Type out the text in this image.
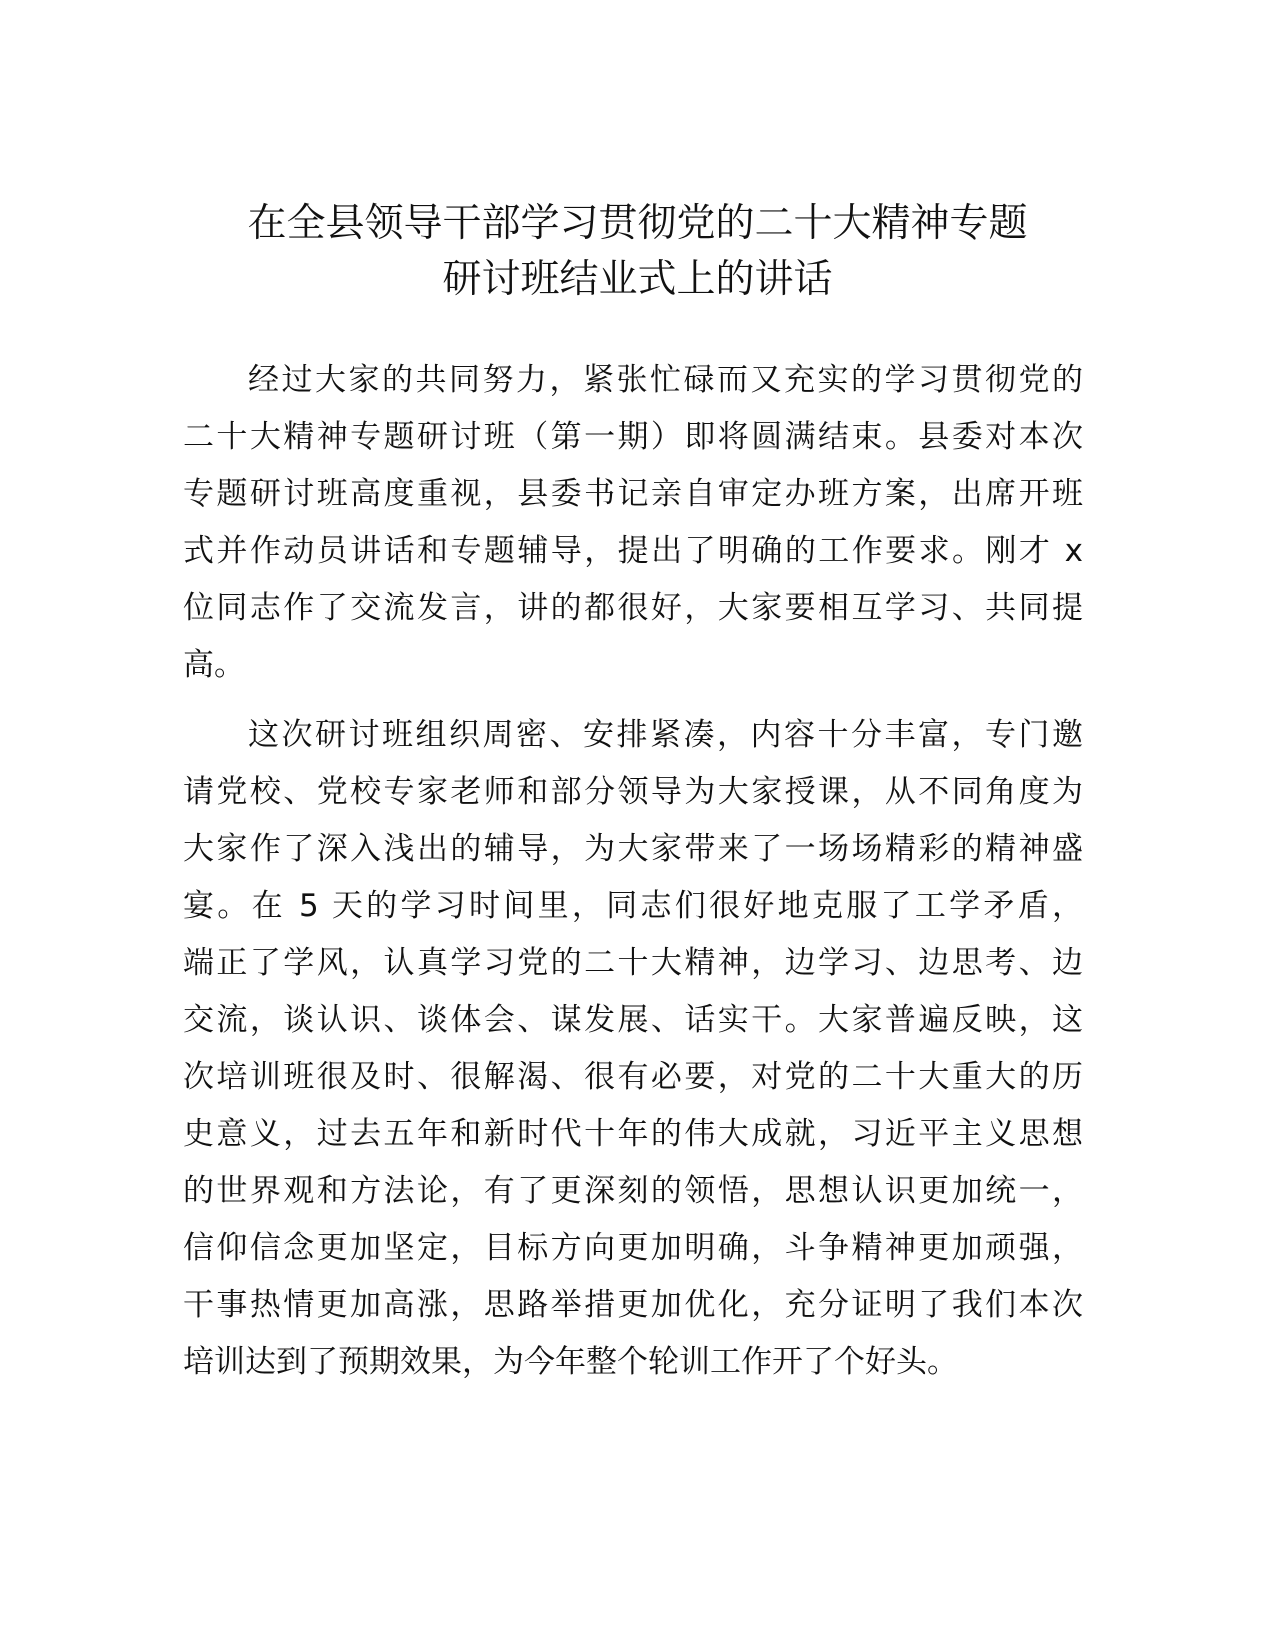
在全县领导干部学习贯彻党的二十大精神专题
研讨班结业式上的讲话
经过大家的共同努力，紧张忙碌而又充实的学习贯彻党的
二十大精神专题研讨班（第一期）即将圆满结束。县委对本次
专题研讨班高度重视，县委书记亲自审定办班方案，出席开班
式并作动员讲话和专题辅导，提出了明确的工作要求。刚才 x
位同志作了交流发言，讲的都很好，大家要相互学习、共同提
高。
这次研讨班组织周密、安排紧凑，内容十分丰富，专门邀
请党校、党校专家老师和部分领导为大家授课，从不同角度为
大家作了深入浅出的辅导，为大家带来了一场场精彩的精神盛
宴。在 5 天的学习时间里，同志们很好地克服了工学矛盾，
端正了学风，认真学习党的二十大精神，边学习、边思考、边
交流，谈认识、谈体会、谋发展、话实干。大家普遍反映，这
次培训班很及时、很解渴、很有必要，对党的二十大重大的历
史意义，过去五年和新时代十年的伟大成就，习近平主义思想
的世界观和方法论，有了更深刻的领悟，思想认识更加统一，
信仰信念更加坚定，目标方向更加明确，斗争精神更加顽强，
干事热情更加高涨，思路举措更加优化，充分证明了我们本次
培训达到了预期效果，为今年整个轮训工作开了个好头。
